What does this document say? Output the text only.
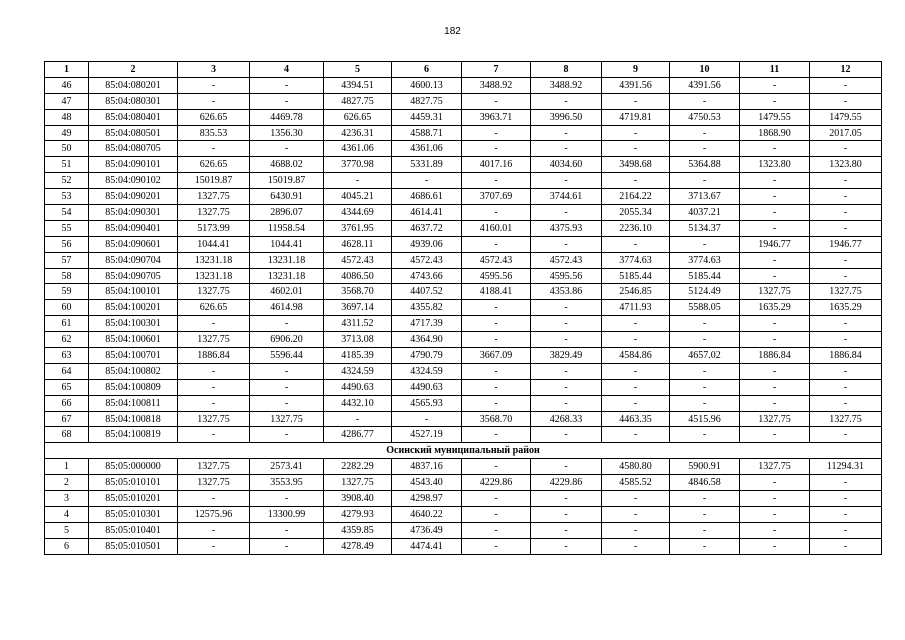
182
1	2	3	4	5	6	7	8	9	10	11	12
46	85:04:080201	-	-	4394.51	4600.13	3488.92	3488.92	4391.56	4391.56	-	-
47	85:04:080301	-	-	4827.75	4827.75	-	-	-	-	-	-
48	85:04:080401	626.65	4469.78	626.65	4459.31	3963.71	3996.50	4719.81	4750.53	1479.55	1479.55
49	85:04:080501	835.53	1356.30	4236.31	4588.71	-	-	-	-	1868.90	2017.05
50	85:04:080705	-	-	4361.06	4361.06	-	-	-	-	-	-
51	85:04:090101	626.65	4688.02	3770.98	5331.89	4017.16	4034.60	3498.68	5364.88	1323.80	1323.80
52	85:04:090102	15019.87	15019.87	-	-	-	-	-	-	-	-
53	85:04:090201	1327.75	6430.91	4045.21	4686.61	3707.69	3744.61	2164.22	3713.67	-	-
54	85:04:090301	1327.75	2896.07	4344.69	4614.41	-	-	2055.34	4037.21	-	-
55	85:04:090401	5173.99	11958.54	3761.95	4637.72	4160.01	4375.93	2236.10	5134.37	-	-
56	85:04:090601	1044.41	1044.41	4628.11	4939.06	-	-	-	-	1946.77	1946.77
57	85:04:090704	13231.18	13231.18	4572.43	4572.43	4572.43	4572.43	3774.63	3774.63	-	-
58	85:04:090705	13231.18	13231.18	4086.50	4743.66	4595.56	4595.56	5185.44	5185.44	-	-
59	85:04:100101	1327.75	4602.01	3568.70	4407.52	4188.41	4353.86	2546.85	5124.49	1327.75	1327.75
60	85:04:100201	626.65	4614.98	3697.14	4355.82	-	-	4711.93	5588.05	1635.29	1635.29
61	85:04:100301	-	-	4311.52	4717.39	-	-	-	-	-	-
62	85:04:100601	1327.75	6906.20	3713.08	4364.90	-	-	-	-	-	-
63	85:04:100701	1886.84	5596.44	4185.39	4790.79	3667.09	3829.49	4584.86	4657.02	1886.84	1886.84
64	85:04:100802	-	-	4324.59	4324.59	-	-	-	-	-	-
65	85:04:100809	-	-	4490.63	4490.63	-	-	-	-	-	-
66	85:04:100811	-	-	4432.10	4565.93	-	-	-	-	-	-
67	85:04:100818	1327.75	1327.75	-	-	3568.70	4268.33	4463.35	4515.96	1327.75	1327.75
68	85:04:100819	-	-	4286.77	4527.19	-	-	-	-	-	-
Осинский муниципальный район											
1	85:05:000000	1327.75	2573.41	2282.29	4837.16	-	-	4580.80	5900.91	1327.75	11294.31
2	85:05:010101	1327.75	3553.95	1327.75	4543.40	4229.86	4229.86	4585.52	4846.58	-	-
3	85:05:010201	-	-	3908.40	4298.97	-	-	-	-	-	-
4	85:05:010301	12575.96	13300.99	4279.93	4640.22	-	-	-	-	-	-
5	85:05:010401	-	-	4359.85	4736.49	-	-	-	-	-	-
6	85:05:010501	-	-	4278.49	4474.41	-	-	-	-	-	-
